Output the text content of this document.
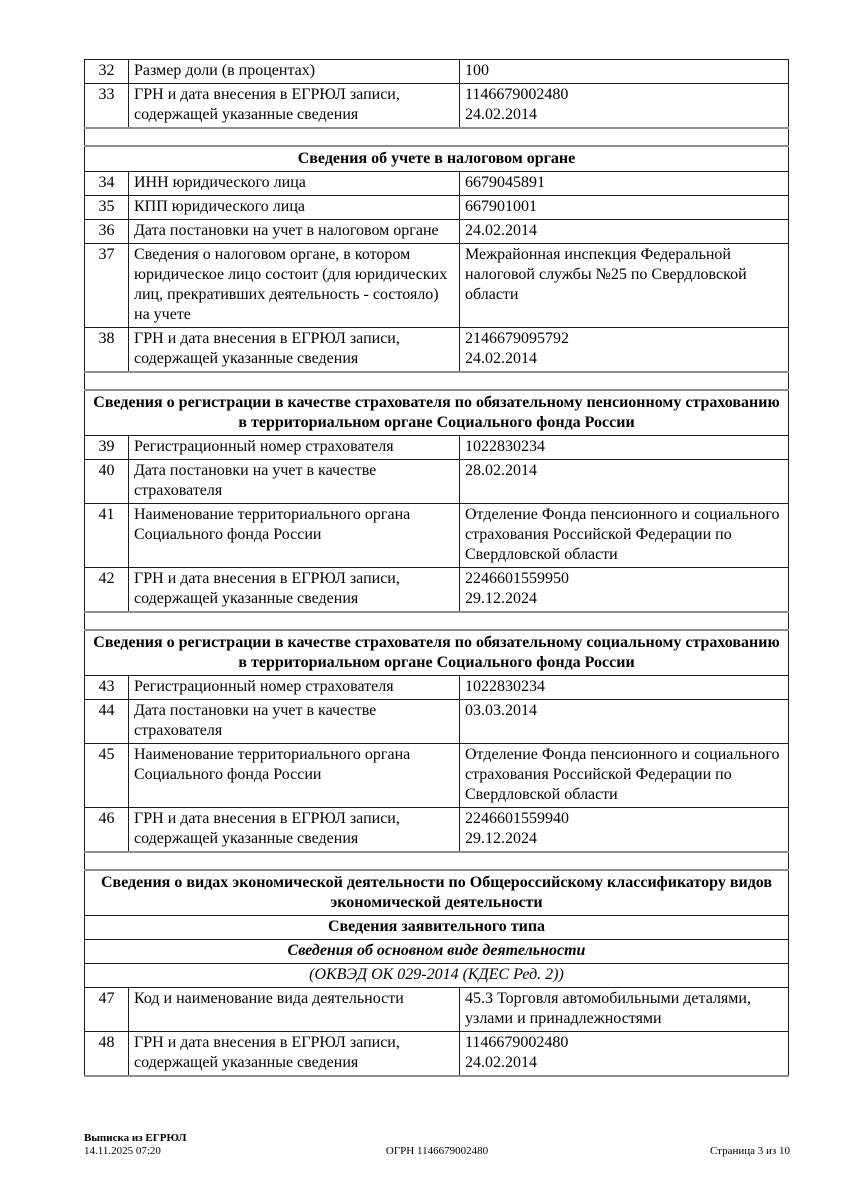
32	Размер доли (в процентах)	100

33	ГРН и дата внесения в ЕГРЮЛ записи, содержащей указанные сведения	1146679002480
24.02.2014

Сведения об учете в налоговом органе		
34	ИНН юридического лица	6679045891

35	КПП юридического лица	667901001

36	Дата постановки на учет в налоговом органе	24.02.2014

37	Сведения о налоговом органе, в котором юридическое лицо состоит (для юридических лиц, прекративших деятельность - состояло) на учете	Межрайонная инспекция Федеральной налоговой службы №25 по Свердловской области

38	ГРН и дата внесения в ЕГРЮЛ записи, содержащей указанные сведения	2146679095792
24.02.2014

Сведения о регистрации в качестве страхователя по обязательному пенсионному страхованию в территориальном органе Социального фонда России		
39	Регистрационный номер страхователя	1022830234

40	Дата постановки на учет в качестве страхователя	28.02.2014

41	Наименование территориального органа Социального фонда России	Отделение Фонда пенсионного и социального страхования Российской Федерации по Свердловской области

42	ГРН и дата внесения в ЕГРЮЛ записи, содержащей указанные сведения	2246601559950
29.12.2024

Сведения о регистрации в качестве страхователя по обязательному социальному страхованию в территориальном органе Социального фонда России		
43	Регистрационный номер страхователя	1022830234

44	Дата постановки на учет в качестве страхователя	03.03.2014

45	Наименование территориального органа Социального фонда России	Отделение Фонда пенсионного и социального страхования Российской Федерации по Свердловской области

46	ГРН и дата внесения в ЕГРЮЛ записи, содержащей указанные сведения	2246601559940
29.12.2024

Сведения о видах экономической деятельности по Общероссийскому классификатору видов экономической деятельности		
Сведения заявительного типа		
Сведения об основном виде деятельности		
(ОКВЭД ОК 029-2014 (КДЕС Ред. 2))		
47	Код и наименование вида деятельности	45.3 Торговля автомобильными деталями, узлами и принадлежностями

48	ГРН и дата внесения в ЕГРЮЛ записи, содержащей указанные сведения	1146679002480
24.02.2014
Выписка из ЕГРЮЛ
14.11.2025 07:20	ОГРН 1146679002480	Страница 3 из 10
